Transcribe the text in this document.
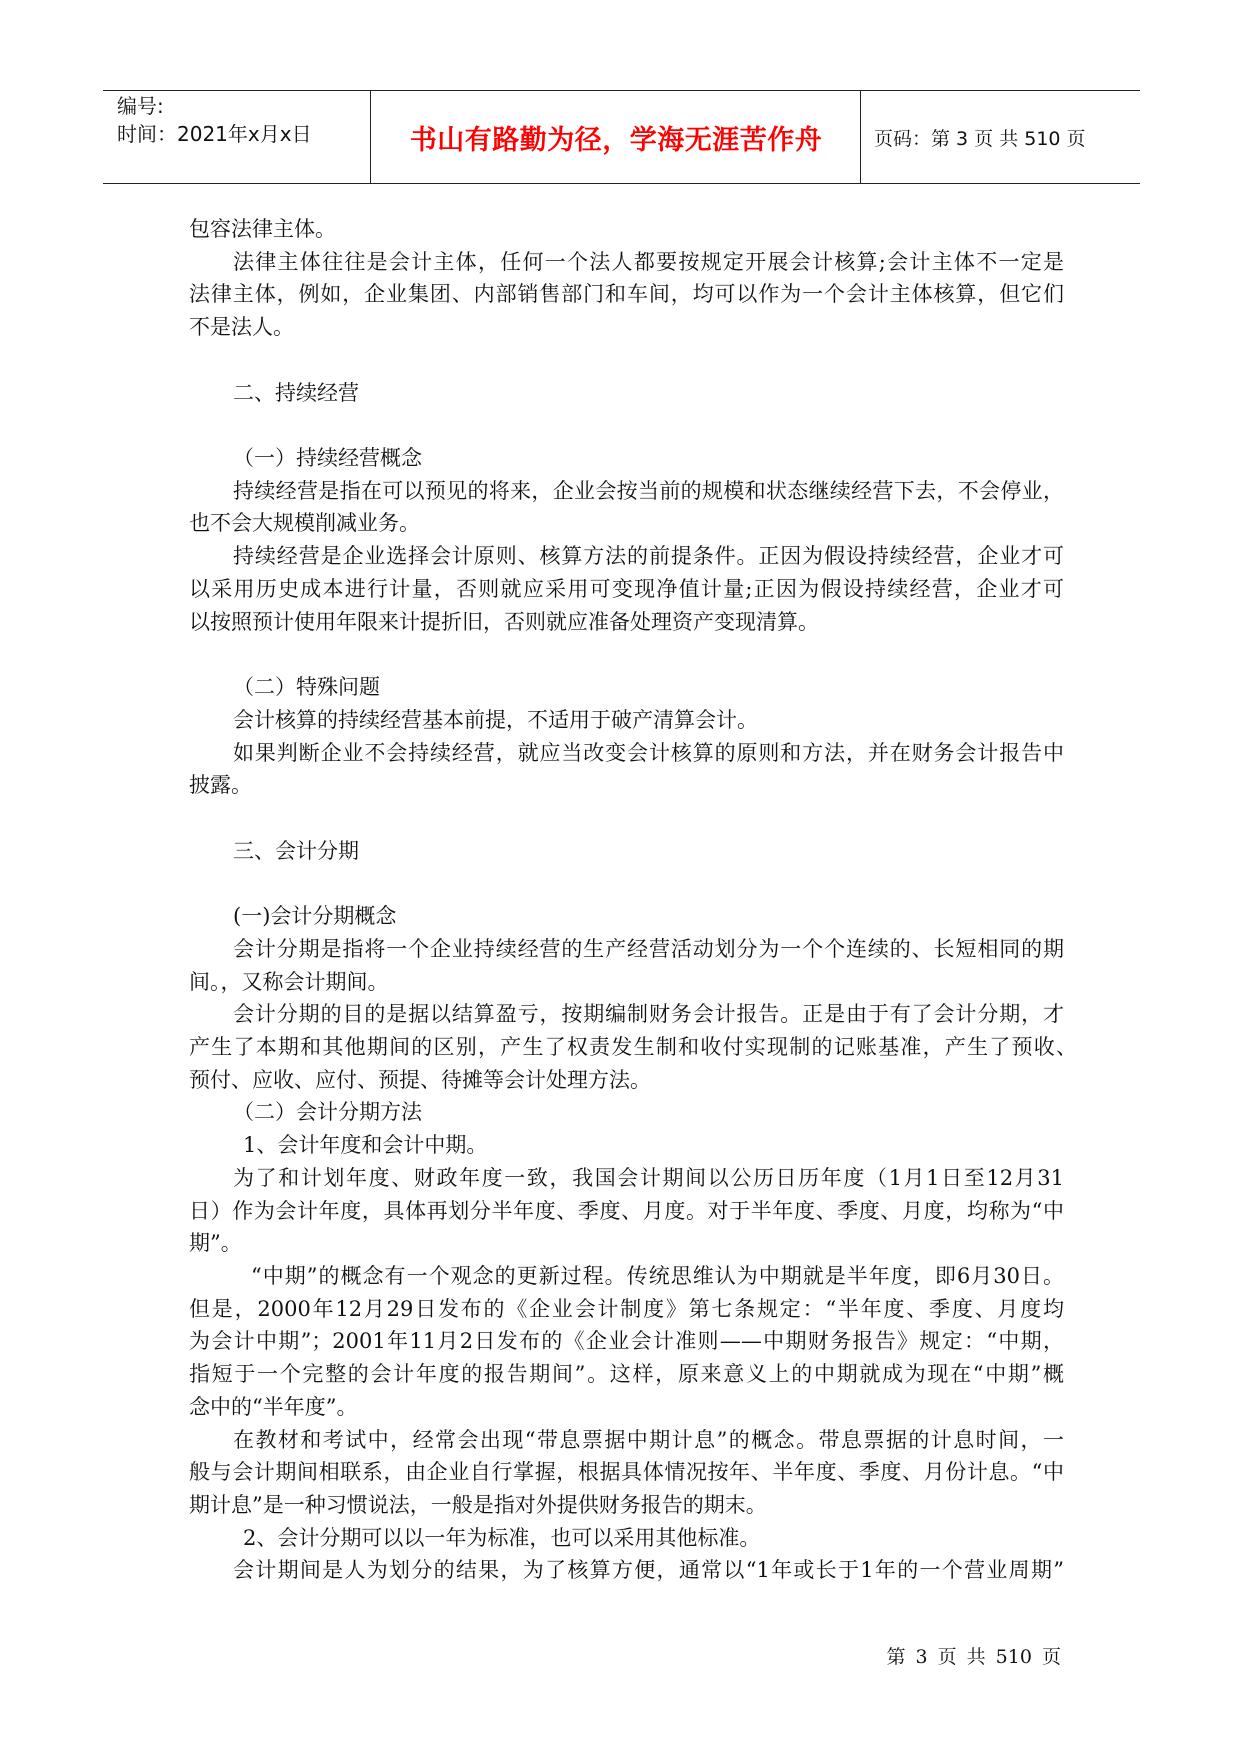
编号:
时间：2021年x月x日	书山有路勤为径，学海无涯苦作舟	页码：第 3 页 共 510 页
包容法律主体。
法律主体往往是会计主体，任何一个法人都要按规定开展会计核算;会计主体不一定是
法律主体，例如，企业集团、内部销售部门和车间，均可以作为一个会计主体核算，但它们
不是法人。
二、持续经营
（一）持续经营概念
持续经营是指在可以预见的将来，企业会按当前的规模和状态继续经营下去，不会停业，
也不会大规模削减业务。
持续经营是企业选择会计原则、核算方法的前提条件。正因为假设持续经营，企业才可
以采用历史成本进行计量，否则就应采用可变现净值计量;正因为假设持续经营，企业才可
以按照预计使用年限来计提折旧，否则就应准备处理资产变现清算。
（二）特殊问题
会计核算的持续经营基本前提，不适用于破产清算会计。
如果判断企业不会持续经营，就应当改变会计核算的原则和方法，并在财务会计报告中
披露。
三、会计分期
(一)会计分期概念
会计分期是指将一个企业持续经营的生产经营活动划分为一个个连续的、长短相同的期
间。，又称会计期间。
会计分期的目的是据以结算盈亏，按期编制财务会计报告。正是由于有了会计分期，才
产生了本期和其他期间的区别，产生了权责发生制和收付实现制的记账基准，产生了预收、
预付、应收、应付、预提、待摊等会计处理方法。
（二）会计分期方法
1、会计年度和会计中期。
为了和计划年度、财政年度一致，我国会计期间以公历日历年度（1月1日至12月31
日）作为会计年度，具体再划分半年度、季度、月度。对于半年度、季度、月度，均称为“中
期”。
“中期”的概念有一个观念的更新过程。传统思维认为中期就是半年度，即6月30日。
但是，2000年12月29日发布的《企业会计制度》第七条规定：“半年度、季度、月度均
为会计中期”；2001年11月2日发布的《企业会计准则——中期财务报告》规定：“中期，
指短于一个完整的会计年度的报告期间”。这样，原来意义上的中期就成为现在“中期”概
念中的“半年度”。
在教材和考试中，经常会出现“带息票据中期计息”的概念。带息票据的计息时间，一
般与会计期间相联系，由企业自行掌握，根据具体情况按年、半年度、季度、月份计息。“中
期计息”是一种习惯说法，一般是指对外提供财务报告的期末。
2、会计分期可以以一年为标准，也可以采用其他标准。
会计期间是人为划分的结果，为了核算方便，通常以“1年或长于1年的一个营业周期”
第 3 页 共 510 页
